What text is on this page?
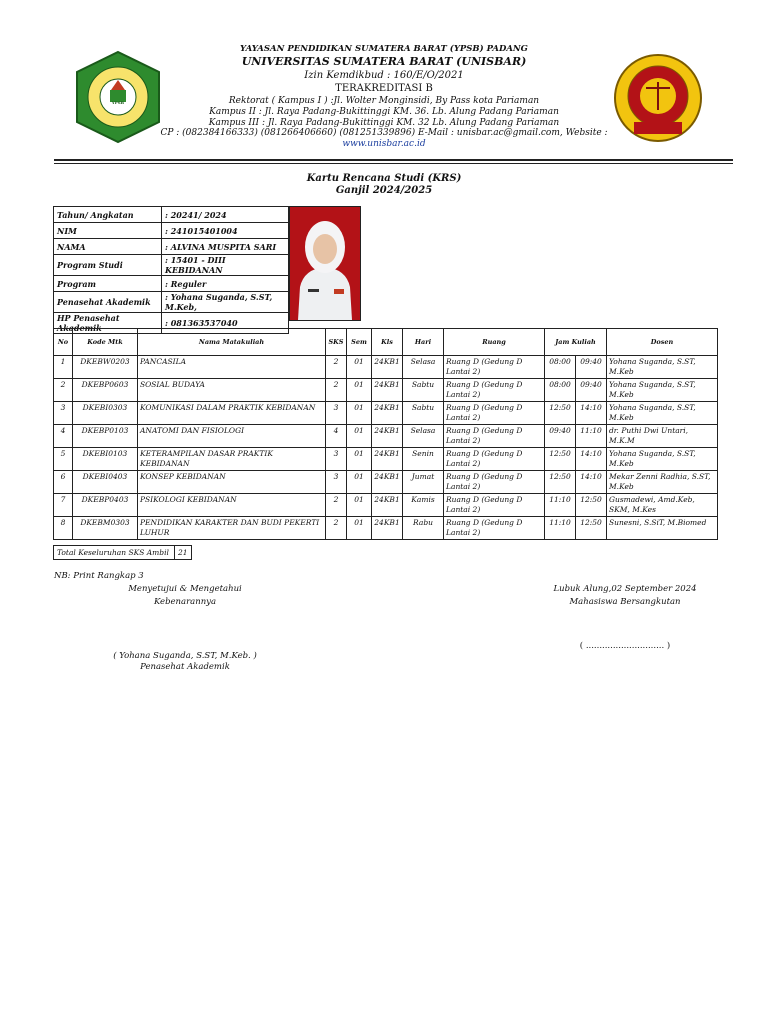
YPSB
YAYASAN PENDIDIKAN SUMATERA BARAT (YPSB) PADANG
UNIVERSITAS SUMATERA BARAT (UNISBAR)
Izin Kemdikbud : 160/E/O/2021
TERAKREDITASI B
Rektorat ( Kampus I ) :Jl. Wolter Monginsidi, By Pass kota Pariaman
Kampus II : Jl. Raya Padang-Bukittinggi KM. 36. Lb. Alung Padang Pariaman
Kampus III : Jl. Raya Padang-Bukittinggi KM. 32 Lb. Alung Padang Pariaman
CP : (082384166333) (081266406660) (081251339896) E-Mail : unisbar.ac@gmail.com, Website :
www.unisbar.ac.id
Kartu Rencana Studi (KRS)
Ganjil 2024/2025
Tahun/ Angkatan	: 20241/ 2024
NIM	: 241015401004
NAMA	: ALVINA MUSPITA SARI
Program Studi	: 15401 - DIII KEBIDANAN
Program	: Reguler
Penasehat Akademik	: Yohana Suganda, S.ST, M.Keb,
HP Penasehat Akademik	: 081363537040
No	Kode Mtk	Nama Matakuliah	SKS	Sem	Kls	Hari	Ruang	Jam Kuliah		Dosen
1	DKEBW0203	PANCASILA	2	01	24KB1	Selasa	Ruang D (Gedung D Lantai 2)	08:00	09:40	Yohana Suganda, S.ST, M.Keb
2	DKEBP0603	SOSIAL BUDAYA	2	01	24KB1	Sabtu	Ruang D (Gedung D Lantai 2)	08:00	09:40	Yohana Suganda, S.ST, M.Keb
3	DKEBI0303	KOMUNIKASI DALAM PRAKTIK KEBIDANAN	3	01	24KB1	Sabtu	Ruang D (Gedung D Lantai 2)	12:50	14:10	Yohana Suganda, S.ST, M.Keb
4	DKEBP0103	ANATOMI DAN FISIOLOGI	4	01	24KB1	Selasa	Ruang D (Gedung D Lantai 2)	09:40	11:10	dr. Puthi Dwi Untari, M.K.M
5	DKEBI0103	KETERAMPILAN DASAR PRAKTIK KEBIDANAN	3	01	24KB1	Senin	Ruang D (Gedung D Lantai 2)	12:50	14:10	Yohana Suganda, S.ST, M.Keb
6	DKEBI0403	KONSEP KEBIDANAN	3	01	24KB1	Jumat	Ruang D (Gedung D Lantai 2)	12:50	14:10	Mekar Zenni Radhia, S.ST, M.Keb
7	DKEBP0403	PSIKOLOGI KEBIDANAN	2	01	24KB1	Kamis	Ruang D (Gedung D Lantai 2)	11:10	12:50	Gusmadewi, Amd.Keb, SKM, M.Kes
8	DKEBM0303	PENDIDIKAN KARAKTER DAN BUDI PEKERTI LUHUR	2	01	24KB1	Rabu	Ruang D (Gedung D Lantai 2)	11:10	12:50	Sunesni, S.SiT, M.Biomed
Total Keseluruhan SKS Ambil	21
NB: Print Rangkap 3
Menyetujui & Mengetahui
Kebenarannya
( Yohana Suganda, S.ST, M.Keb. )
Penasehat Akademik
Lubuk Alung,02 September 2024
Mahasiswa Bersangkutan
( ............................. )
